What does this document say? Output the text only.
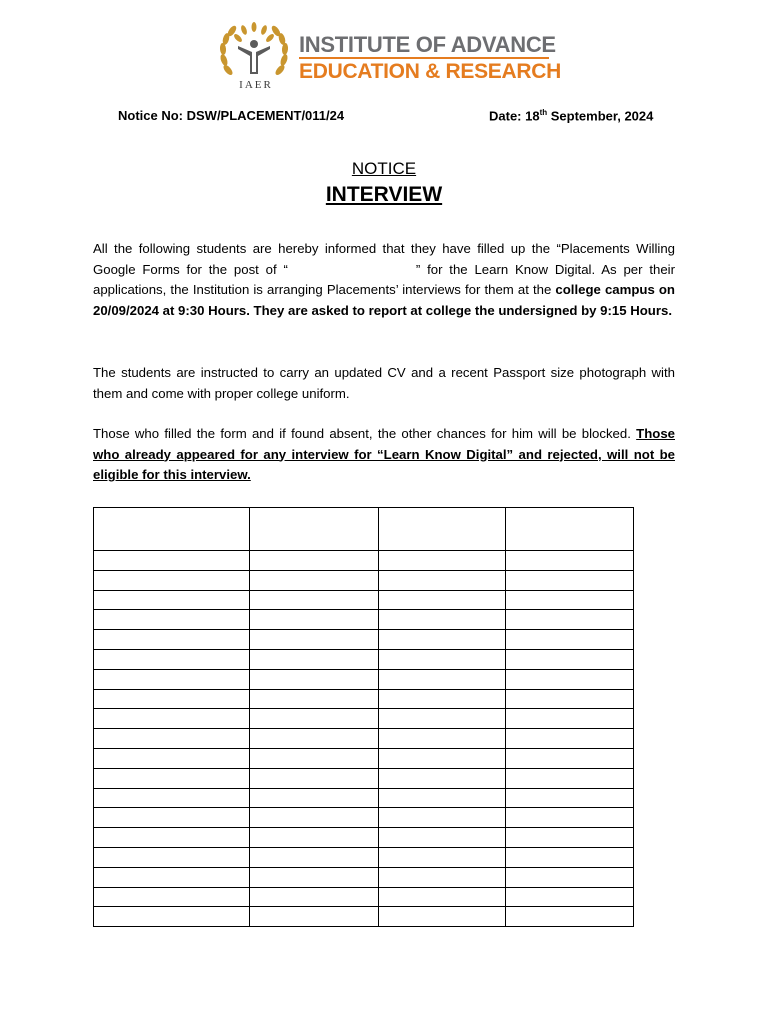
IAER
INSTITUTE OF ADVANCE
EDUCATION & RESEARCH
Notice No: DSW/PLACEMENT/011/24	Date: 18th September, 2024
NOTICE
INTERVIEW
All the following students are hereby informed that they have filled up the “Placements Willing Google Forms for the post of “	” for the Learn Know Digital. As per their applications, the Institution is arranging Placements’ interviews for them at the college campus on 20/09/2024 at 9:30 Hours. They are asked to report at college the undersigned by 9:15 Hours.
The students are instructed to carry an updated CV and a recent Passport size photograph with them and come with proper college uniform.
Those who filled the form and if found absent, the other chances for him will be blocked. Those who already appeared for any interview for “Learn Know Digital” and rejected, will not be eligible for this interview.
